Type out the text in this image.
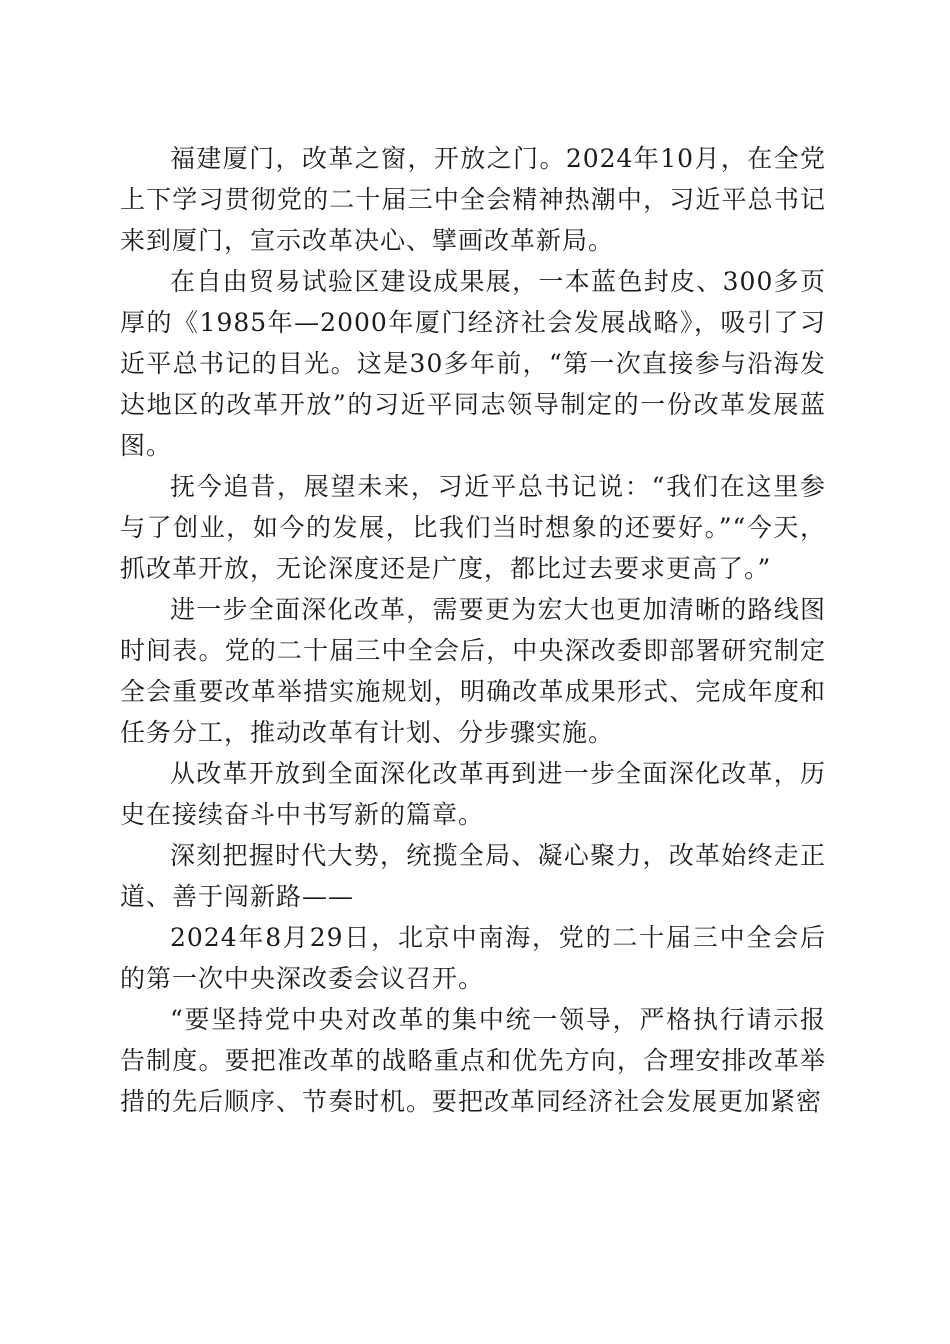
福建厦门，改革之窗，开放之门。2024年10月，在全党上下学习贯彻党的二十届三中全会精神热潮中，习近平总书记来到厦门，宣示改革决心、擘画改革新局。

在自由贸易试验区建设成果展，一本蓝色封皮、300多页厚的《1985年—2000年厦门经济社会发展战略》，吸引了习近平总书记的目光。这是30多年前，“第一次直接参与沿海发达地区的改革开放”的习近平同志领导制定的一份改革发展蓝图。

抚今追昔，展望未来，习近平总书记说：“我们在这里参与了创业，如今的发展，比我们当时想象的还要好。”“今天，抓改革开放，无论深度还是广度，都比过去要求更高了。”

进一步全面深化改革，需要更为宏大也更加清晰的路线图时间表。党的二十届三中全会后，中央深改委即部署研究制定全会重要改革举措实施规划，明确改革成果形式、完成年度和任务分工，推动改革有计划、分步骤实施。

从改革开放到全面深化改革再到进一步全面深化改革，历史在接续奋斗中书写新的篇章。

深刻把握时代大势，统揽全局、凝心聚力，改革始终走正道、善于闯新路——

2024年8月29日，北京中南海，党的二十届三中全会后的第一次中央深改委会议召开。

“要坚持党中央对改革的集中统一领导，严格执行请示报告制度。要把准改革的战略重点和优先方向，合理安排改革举措的先后顺序、节奏时机。要把改革同经济社会发展更加紧密
